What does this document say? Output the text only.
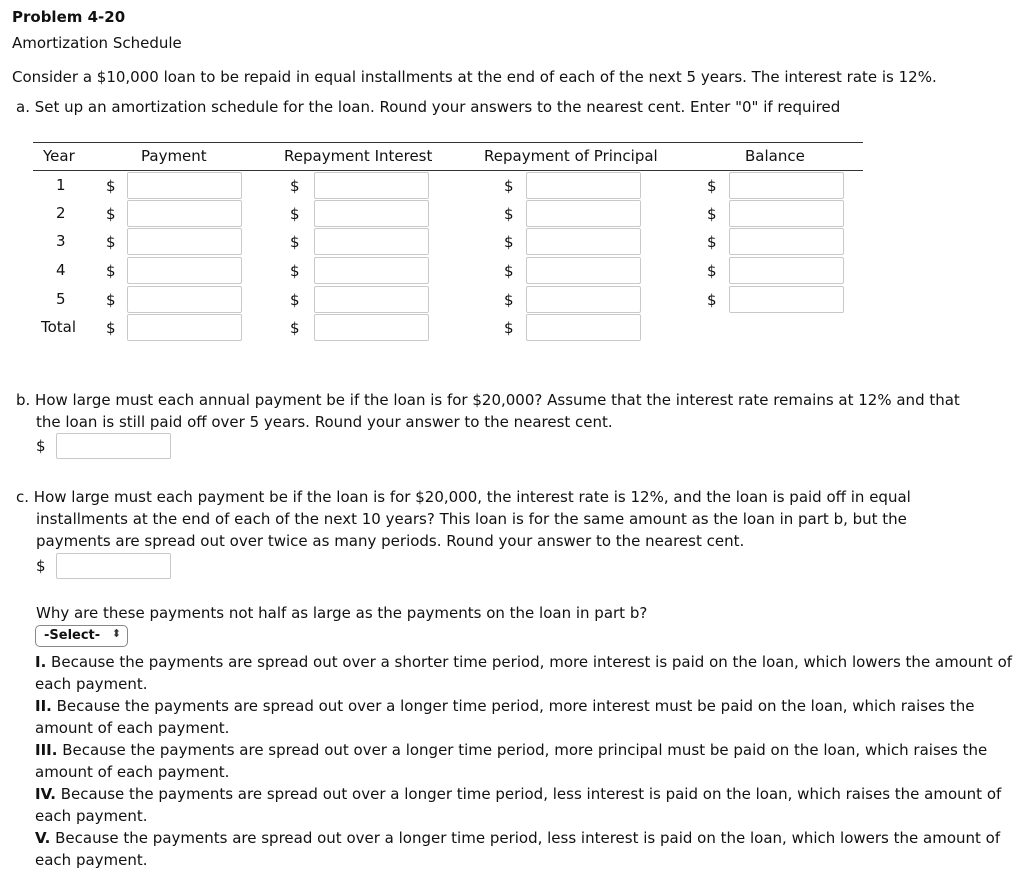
Problem 4-20
Amortization Schedule
Consider a $10,000 loan to be repaid in equal installments at the end of each of the next 5 years. The interest rate is 12%.
a. Set up an amortization schedule for the loan. Round your answers to the nearest cent. Enter "0" if required
Year	Payment	Repayment Interest	Repayment of Principal	Balance
1	$	$	$	$
2	$	$	$	$
3	$	$	$	$
4	$	$	$	$
5	$	$	$	$
Total $	$	$
b. How large must each annual payment be if the loan is for $20,000? Assume that the interest rate remains at 12% and that
the loan is still paid off over 5 years. Round your answer to the nearest cent.
$
c. How large must each payment be if the loan is for $20,000, the interest rate is 12%, and the loan is paid off in equal
installments at the end of each of the next 10 years? This loan is for the same amount as the loan in part b, but the
payments are spread out over twice as many periods. Round your answer to the nearest cent.
$
Why are these payments not half as large as the payments on the loan in part b?
-Select- ⬍
I. Because the payments are spread out over a shorter time period, more interest is paid on the loan, which lowers the amount of each payment.
II. Because the payments are spread out over a longer time period, more interest must be paid on the loan, which raises the amount of each payment.
III. Because the payments are spread out over a longer time period, more principal must be paid on the loan, which raises the amount of each payment.
IV. Because the payments are spread out over a longer time period, less interest is paid on the loan, which raises the amount of each payment.
V. Because the payments are spread out over a longer time period, less interest is paid on the loan, which lowers the amount of each payment.
